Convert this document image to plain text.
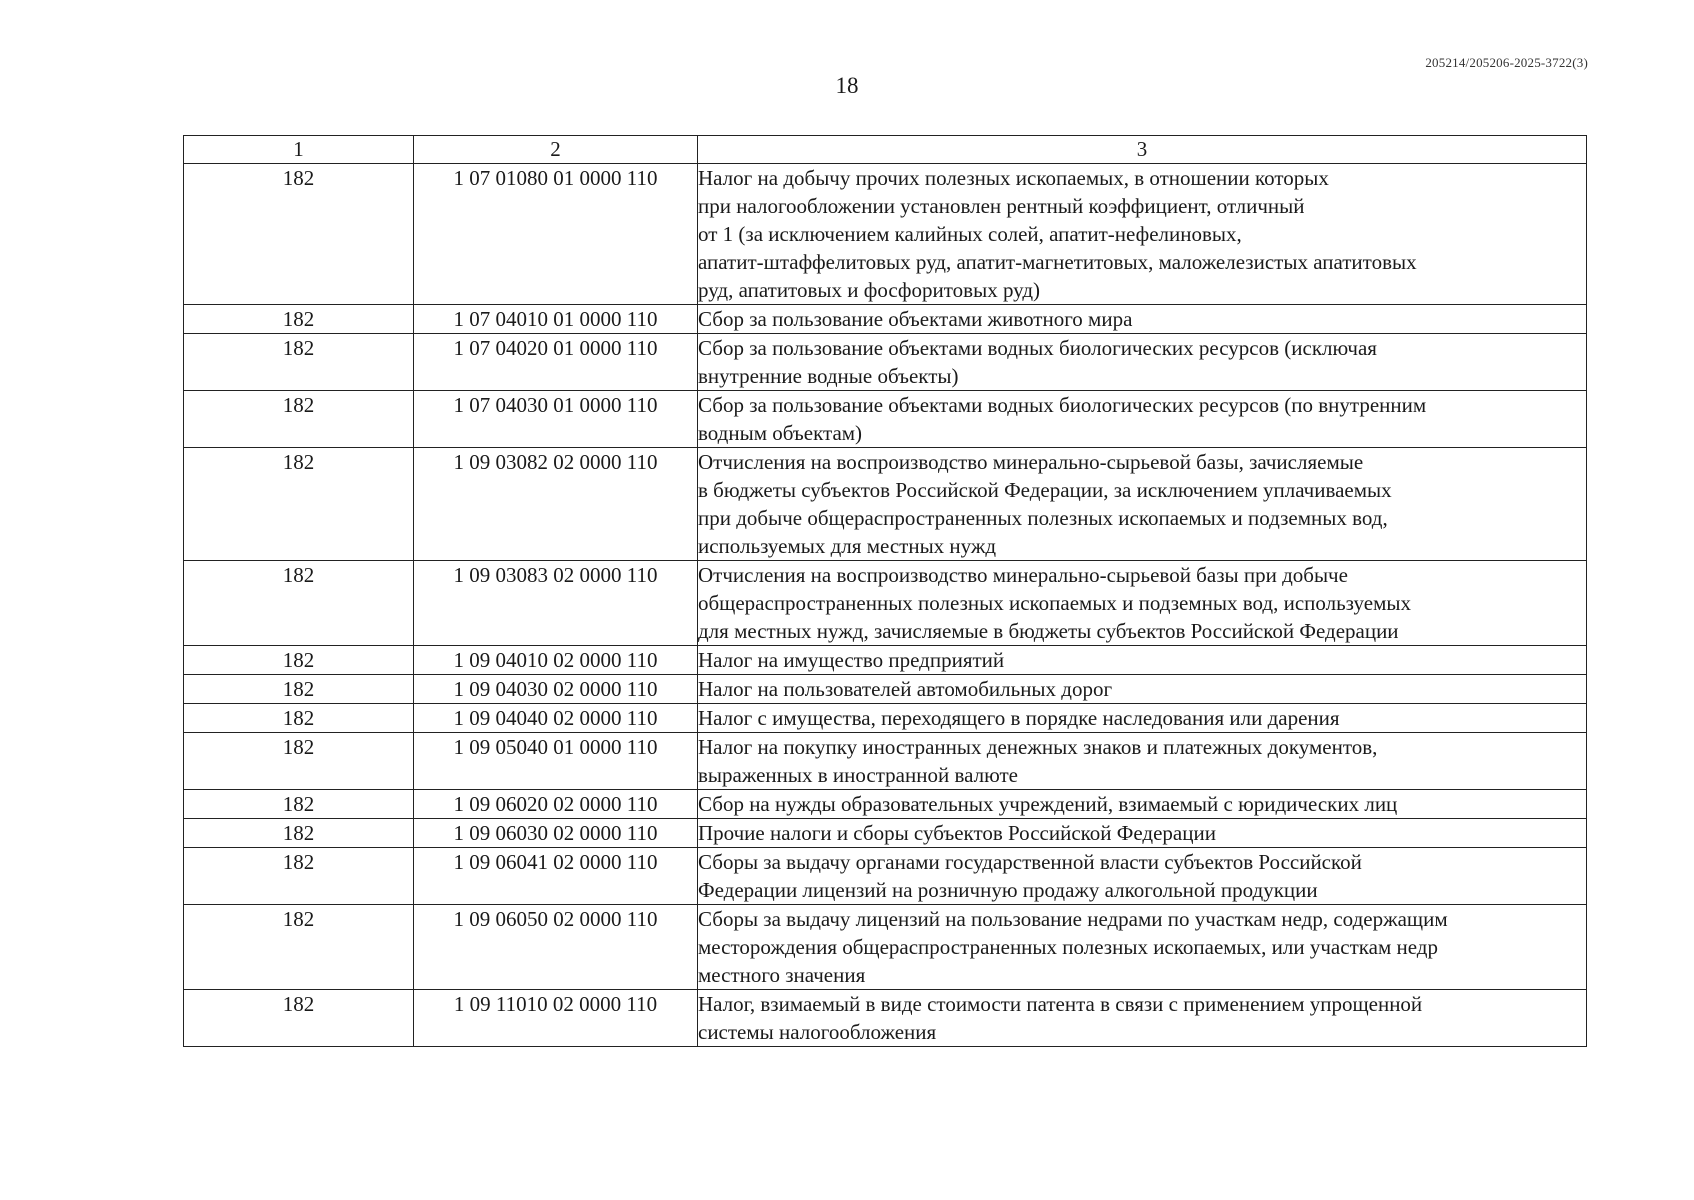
205214/205206-2025-3722(3)
18
1	2	3
182	1 07 01080 01 0000 110	Налог на добычу прочих полезных ископаемых, в отношении которых
при налогообложении установлен рентный коэффициент, отличный
от 1 (за исключением калийных солей, апатит-нефелиновых,
апатит-штаффелитовых руд, апатит-магнетитовых, маложелезистых апатитовых
руд, апатитовых и фосфоритовых руд)
182	1 07 04010 01 0000 110	Сбор за пользование объектами животного мира
182	1 07 04020 01 0000 110	Сбор за пользование объектами водных биологических ресурсов (исключая
внутренние водные объекты)
182	1 07 04030 01 0000 110	Сбор за пользование объектами водных биологических ресурсов (по внутренним
водным объектам)
182	1 09 03082 02 0000 110	Отчисления на воспроизводство минерально-сырьевой базы, зачисляемые
в бюджеты субъектов Российской Федерации, за исключением уплачиваемых
при добыче общераспространенных полезных ископаемых и подземных вод,
используемых для местных нужд
182	1 09 03083 02 0000 110	Отчисления на воспроизводство минерально-сырьевой базы при добыче
общераспространенных полезных ископаемых и подземных вод, используемых
для местных нужд, зачисляемые в бюджеты субъектов Российской Федерации
182	1 09 04010 02 0000 110	Налог на имущество предприятий
182	1 09 04030 02 0000 110	Налог на пользователей автомобильных дорог
182	1 09 04040 02 0000 110	Налог с имущества, переходящего в порядке наследования или дарения
182	1 09 05040 01 0000 110	Налог на покупку иностранных денежных знаков и платежных документов,
выраженных в иностранной валюте
182	1 09 06020 02 0000 110	Сбор на нужды образовательных учреждений, взимаемый с юридических лиц
182	1 09 06030 02 0000 110	Прочие налоги и сборы субъектов Российской Федерации
182	1 09 06041 02 0000 110	Сборы за выдачу органами государственной власти субъектов Российской
Федерации лицензий на розничную продажу алкогольной продукции
182	1 09 06050 02 0000 110	Сборы за выдачу лицензий на пользование недрами по участкам недр, содержащим
месторождения общераспространенных полезных ископаемых, или участкам недр
местного значения
182	1 09 11010 02 0000 110	Налог, взимаемый в виде стоимости патента в связи с применением упрощенной
системы налогообложения
